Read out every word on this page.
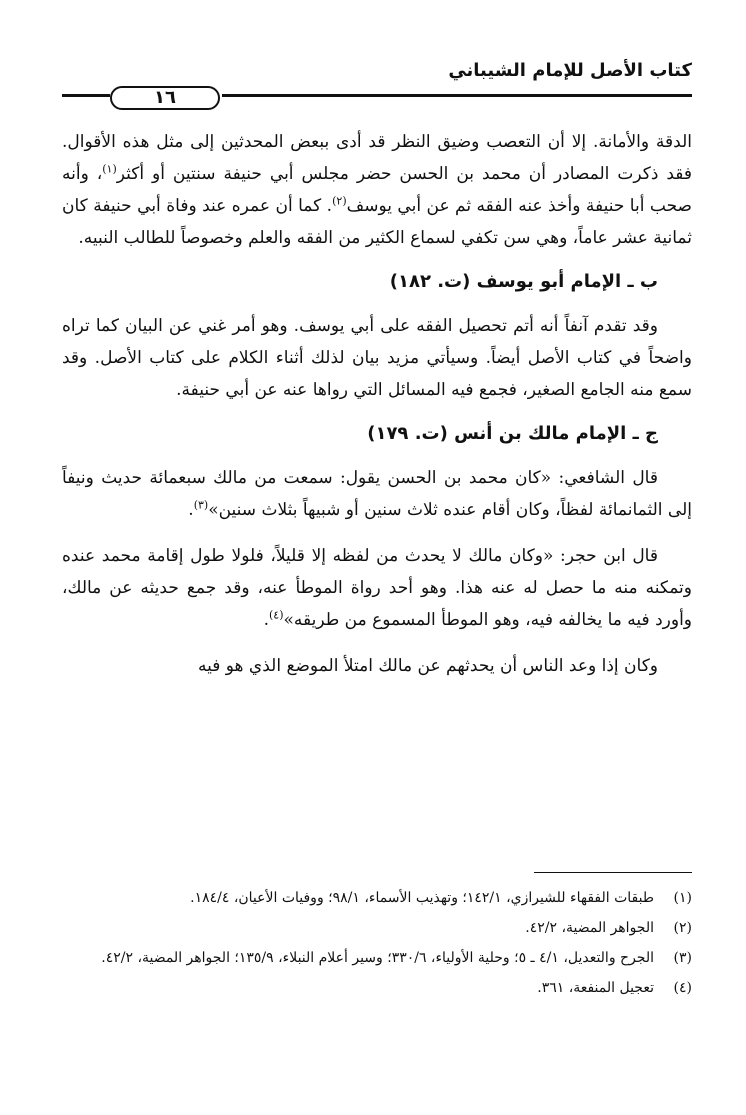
كتاب الأصل للإمام الشيباني
١٦

الدقة والأمانة. إلا أن التعصب وضيق النظر قد أدى ببعض المحدثين إلى مثل هذه الأقوال. فقد ذكرت المصادر أن محمد بن الحسن حضر مجلس أبي حنيفة سنتين أو أكثر$^{(١)}$، وأنه صحب أبا حنيفة وأخذ عنه الفقه ثم عن أبي يوسف$^{(٢)}$. كما أن عمره عند وفاة أبي حنيفة كان ثمانية عشر عاماً، وهي سن تكفي لسماع الكثير من الفقه والعلم وخصوصاً للطالب النبيه.

ب ـ الإمام أبو يوسف (ت. ١٨٢)

وقد تقدم آنفاً أنه أتم تحصيل الفقه على أبي يوسف. وهو أمر غني عن البيان كما تراه واضحاً في كتاب الأصل أيضاً. وسيأتي مزيد بيان لذلك أثناء الكلام على كتاب الأصل. وقد سمع منه الجامع الصغير، فجمع فيه المسائل التي رواها عنه عن أبي حنيفة.

ج ـ الإمام مالك بن أنس (ت. ١٧٩)

قال الشافعي: «كان محمد بن الحسن يقول: سمعت من مالك سبعمائة حديث ونيفاً إلى الثمانمائة لفظاً، وكان أقام عنده ثلاث سنين أو شبيهاً بثلاث سنين»$^{(٣)}$.

قال ابن حجر: «وكان مالك لا يحدث من لفظه إلا قليلاً، فلولا طول إقامة محمد عنده وتمكنه منه ما حصل له عنه هذا. وهو أحد رواة الموطأ عنه، وقد جمع حديثه عن مالك، وأورد فيه ما يخالفه فيه، وهو الموطأ المسموع من طريقه»$^{(٤)}$.

وكان إذا وعد الناس أن يحدثهم عن مالك امتلأ الموضع الذي هو فيه

(١)
طبقات الفقهاء للشيرازي، ١٤٢/١؛ وتهذيب الأسماء، ٩٨/١؛ ووفيات الأعيان، ١٨٤/٤.
(٢)
الجواهر المضية، ٤٢/٢.
(٣)
الجرح والتعديل، ٤/١ ـ ٥؛ وحلية الأولياء، ٣٣٠/٦؛ وسير أعلام النبلاء، ١٣٥/٩؛ الجواهر المضية، ٤٢/٢.
(٤)
تعجيل المنفعة، ٣٦١.
